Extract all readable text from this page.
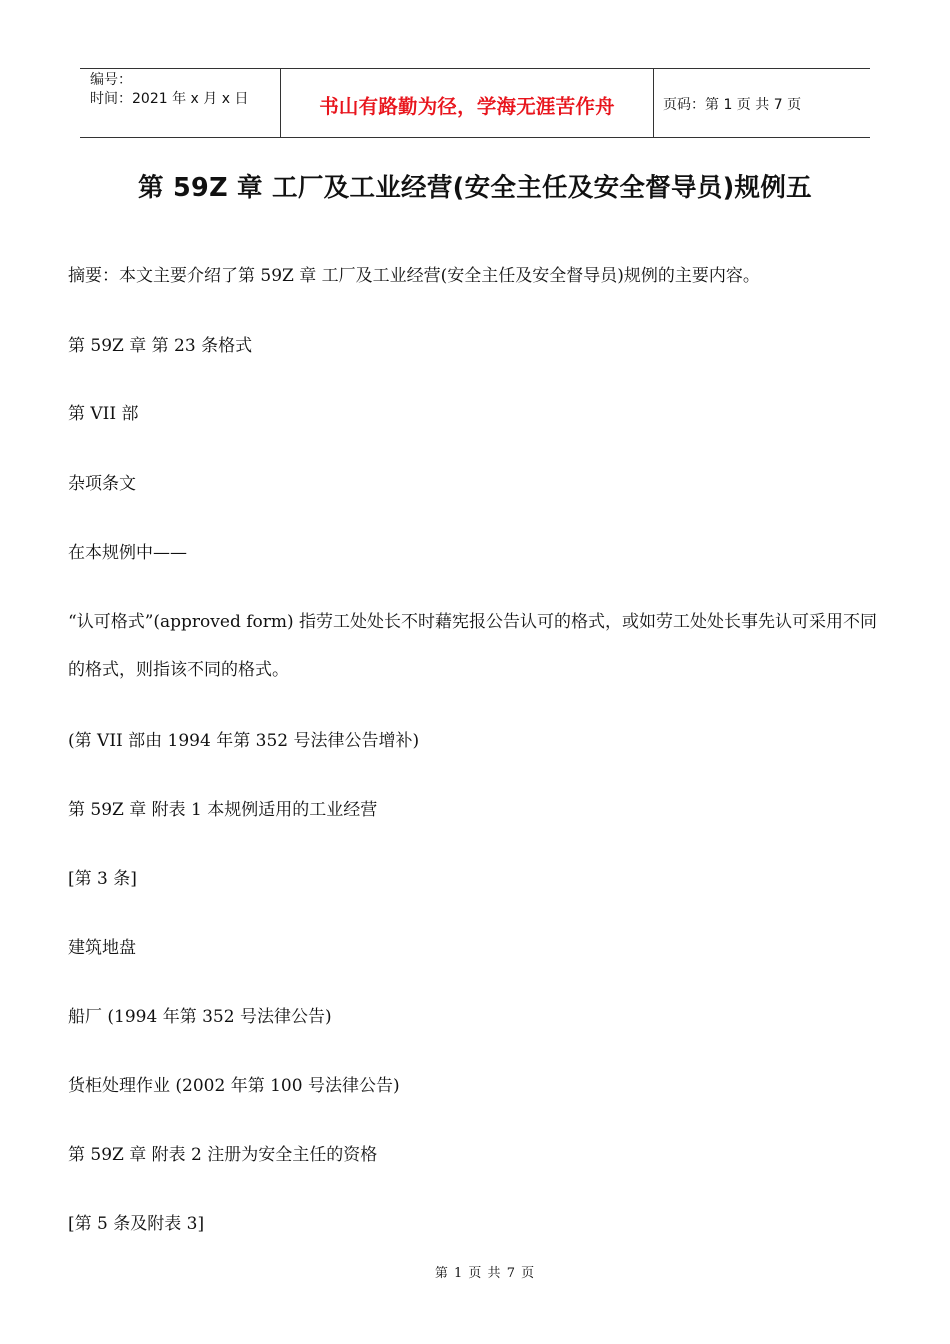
编号：
时间：2021 年 x 月 x 日	书山有路勤为径，学海无涯苦作舟	页码：第 1 页 共 7 页
第 59Z 章 工厂及工业经营(安全主任及安全督导员)规例五
摘要：本文主要介绍了第 59Z 章 工厂及工业经营(安全主任及安全督导员)规例的主要内容。
第 59Z 章 第 23 条格式
第 VII 部
杂项条文
在本规例中——
“认可格式”(approved form) 指劳工处处长不时藉宪报公告认可的格式，或如劳工处处长事先认可采用不同的格式，则指该不同的格式。
(第 VII 部由 1994 年第 352 号法律公告增补)
第 59Z 章 附表 1 本规例适用的工业经营
[第 3 条]
建筑地盘
船厂 (1994 年第 352 号法律公告)
货柜处理作业 (2002 年第 100 号法律公告)
第 59Z 章 附表 2 注册为安全主任的资格
[第 5 条及附表 3]
第 1 页 共 7 页
